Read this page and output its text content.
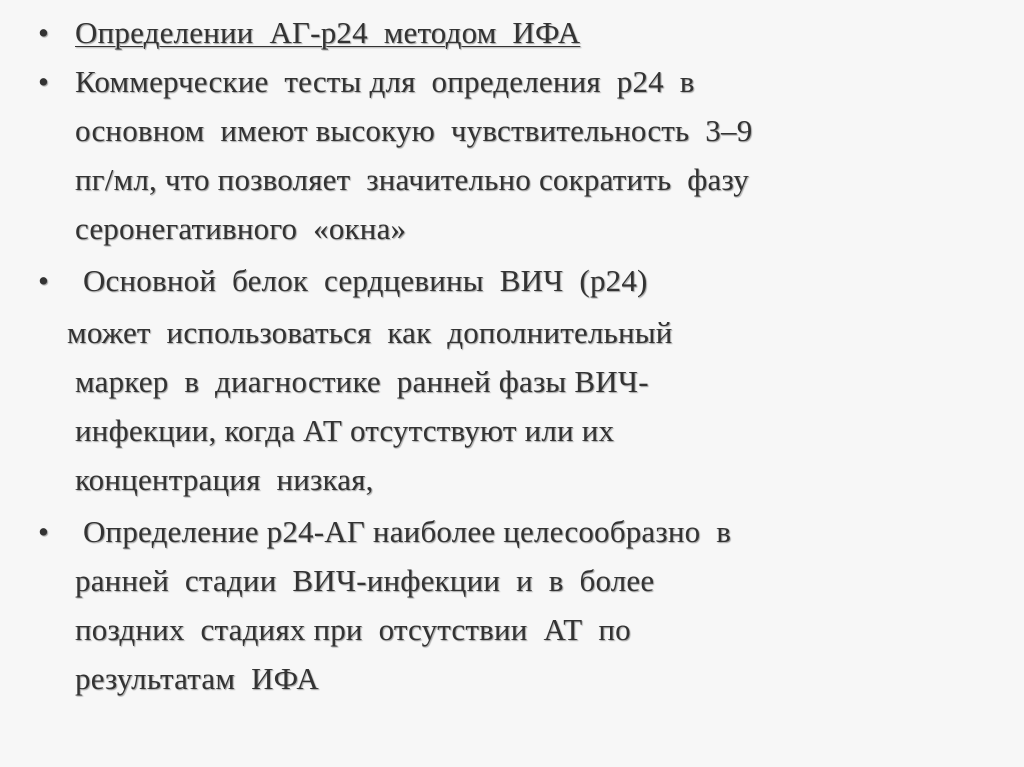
• Определении  АГ-р24  методом  ИФА
• Коммерческие  тесты для  определения  р24  в
основном  имеют высокую  чувствительность  3–9
пг/мл, что позволяет  значительно сократить  фазу
серонегативного  «окна»
• Основной  белок  сердцевины  ВИЧ  (р24)
может  использоваться  как  дополнительный
маркер  в  диагностике  ранней фазы ВИЧ-
инфекции, когда АТ отсутствуют или их
концентрация  низкая,
• Определение р24-АГ наиболее целесообразно  в
ранней  стадии  ВИЧ-инфекции  и  в  более
поздних  стадиях при  отсутствии  АТ  по
результатам  ИФА
